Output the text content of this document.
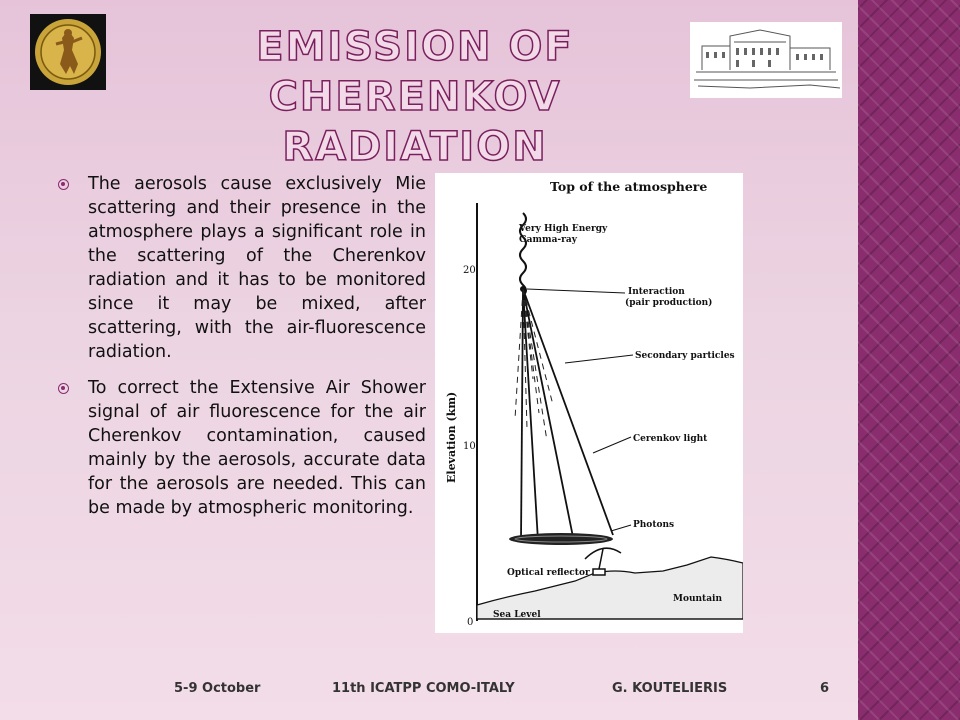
EMISSION OF
CHERENKOV RADIATION
The aerosols cause exclusively Mie scattering and their presence in the atmosphere plays a significant role in the scattering of the Cherenkov radiation and it has to be monitored since it may be mixed, after scattering, with the air-fluorescence radiation.
To correct the Extensive Air Shower signal of air fluorescence for the air Cherenkov contamination, caused mainly by the aerosols, accurate data for the aerosols are needed. This can be made by atmospheric monitoring.
Top of the atmosphere
Elevation (km)
20
10
0
Very High Energy
Gamma-ray
Interaction
(pair production)
Secondary particles
Cerenkov light
Photons
Optical reflector
Mountain
Sea Level
5-9 October	11th ICATPP COMO-ITALY	G. KOUTELIERIS	6
